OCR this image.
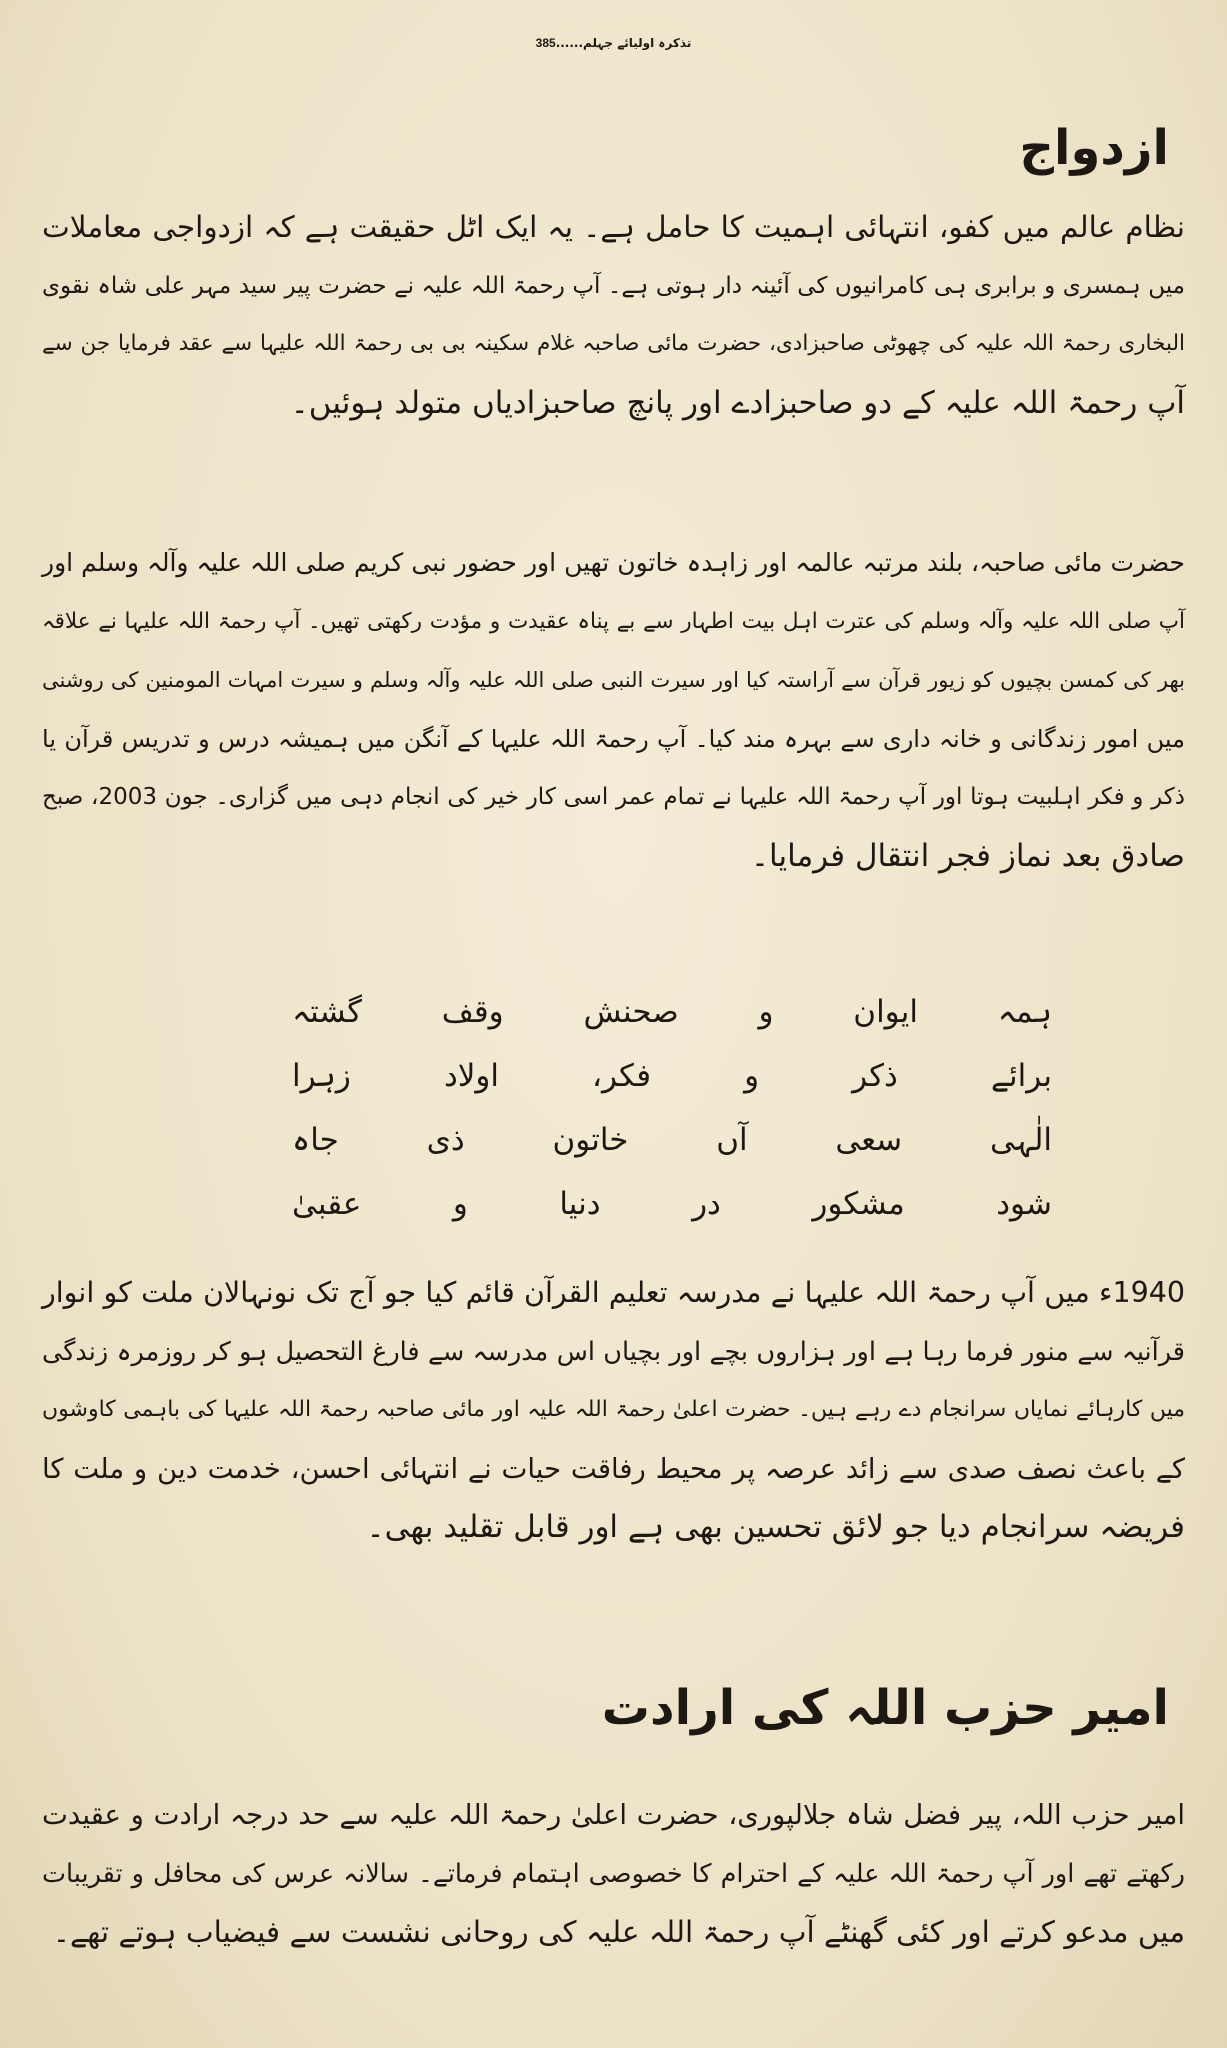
تذکرہ اولیائے جہلم......385
ازدواج
نظام عالم میں کفو، انتہائی اہمیت کا حامل ہے۔ یہ ایک اٹل حقیقت ہے کہ ازدواجی معاملات
میں ہمسری و برابری ہی کامرانیوں کی آئینہ دار ہوتی ہے۔ آپ رحمۃ اللہ علیہ نے حضرت پیر سید مہر علی شاہ نقوی
البخاری رحمۃ اللہ علیہ کی چھوٹی صاحبزادی، حضرت مائی صاحبہ غلام سکینہ بی بی رحمۃ اللہ علیہا سے عقد فرمایا جن سے
آپ رحمۃ اللہ علیہ کے دو صاحبزادے اور پانچ صاحبزادیاں متولد ہوئیں۔
حضرت مائی صاحبہ، بلند مرتبہ عالمہ اور زاہدہ خاتون تھیں اور حضور نبی کریم صلی اللہ علیہ وآلہ وسلم اور
آپ صلی اللہ علیہ وآلہ وسلم کی عترت اہل بیت اطہار سے بے پناہ عقیدت و مؤدت رکھتی تھیں۔ آپ رحمۃ اللہ علیہا نے علاقہ
بھر کی کمسن بچیوں کو زیور قرآن سے آراستہ کیا اور سیرت النبی صلی اللہ علیہ وآلہ وسلم و سیرت امہات المومنین کی روشنی
میں امور زندگانی و خانہ داری سے بہرہ مند کیا۔ آپ رحمۃ اللہ علیہا کے آنگن میں ہمیشہ درس و تدریس قرآن یا
ذکر و فکر اہلبیت ہوتا اور آپ رحمۃ اللہ علیہا نے تمام عمر اسی کار خیر کی انجام دہی میں گزاری۔ جون 2003، صبح
صادق بعد نماز فجر انتقال فرمایا۔
ہمہ
ایوان
و
صحنش
وقف
گشتہ
برائے
ذکر
و
فکر،
اولاد
زہرا
الٰہی
سعی
آں
خاتون
ذی
جاہ
شود
مشکور
در
دنیا
و
عقبیٰ
1940ء میں آپ رحمۃ اللہ علیہا نے مدرسہ تعلیم القرآن قائم کیا جو آج تک نونہالان ملت کو انوار
قرآنیہ سے منور فرما رہا ہے اور ہزاروں بچے اور بچیاں اس مدرسہ سے فارغ التحصیل ہو کر روزمرہ زندگی
میں کارہائے نمایاں سرانجام دے رہے ہیں۔ حضرت اعلیٰ رحمۃ اللہ علیہ اور مائی صاحبہ رحمۃ اللہ علیہا کی باہمی کاوشوں
کے باعث نصف صدی سے زائد عرصہ پر محیط رفاقت حیات نے انتہائی احسن، خدمت دین و ملت کا
فریضہ سرانجام دیا جو لائق تحسین بھی ہے اور قابل تقلید بھی۔
امیر حزب اللہ کی ارادت
امیر حزب اللہ، پیر فضل شاہ جلالپوری، حضرت اعلیٰ رحمۃ اللہ علیہ سے حد درجہ ارادت و عقیدت
رکھتے تھے اور آپ رحمۃ اللہ علیہ کے احترام کا خصوصی اہتمام فرماتے۔ سالانہ عرس کی محافل و تقریبات
میں مدعو کرتے اور کئی گھنٹے آپ رحمۃ اللہ علیہ کی روحانی نشست سے فیضیاب ہوتے تھے۔
